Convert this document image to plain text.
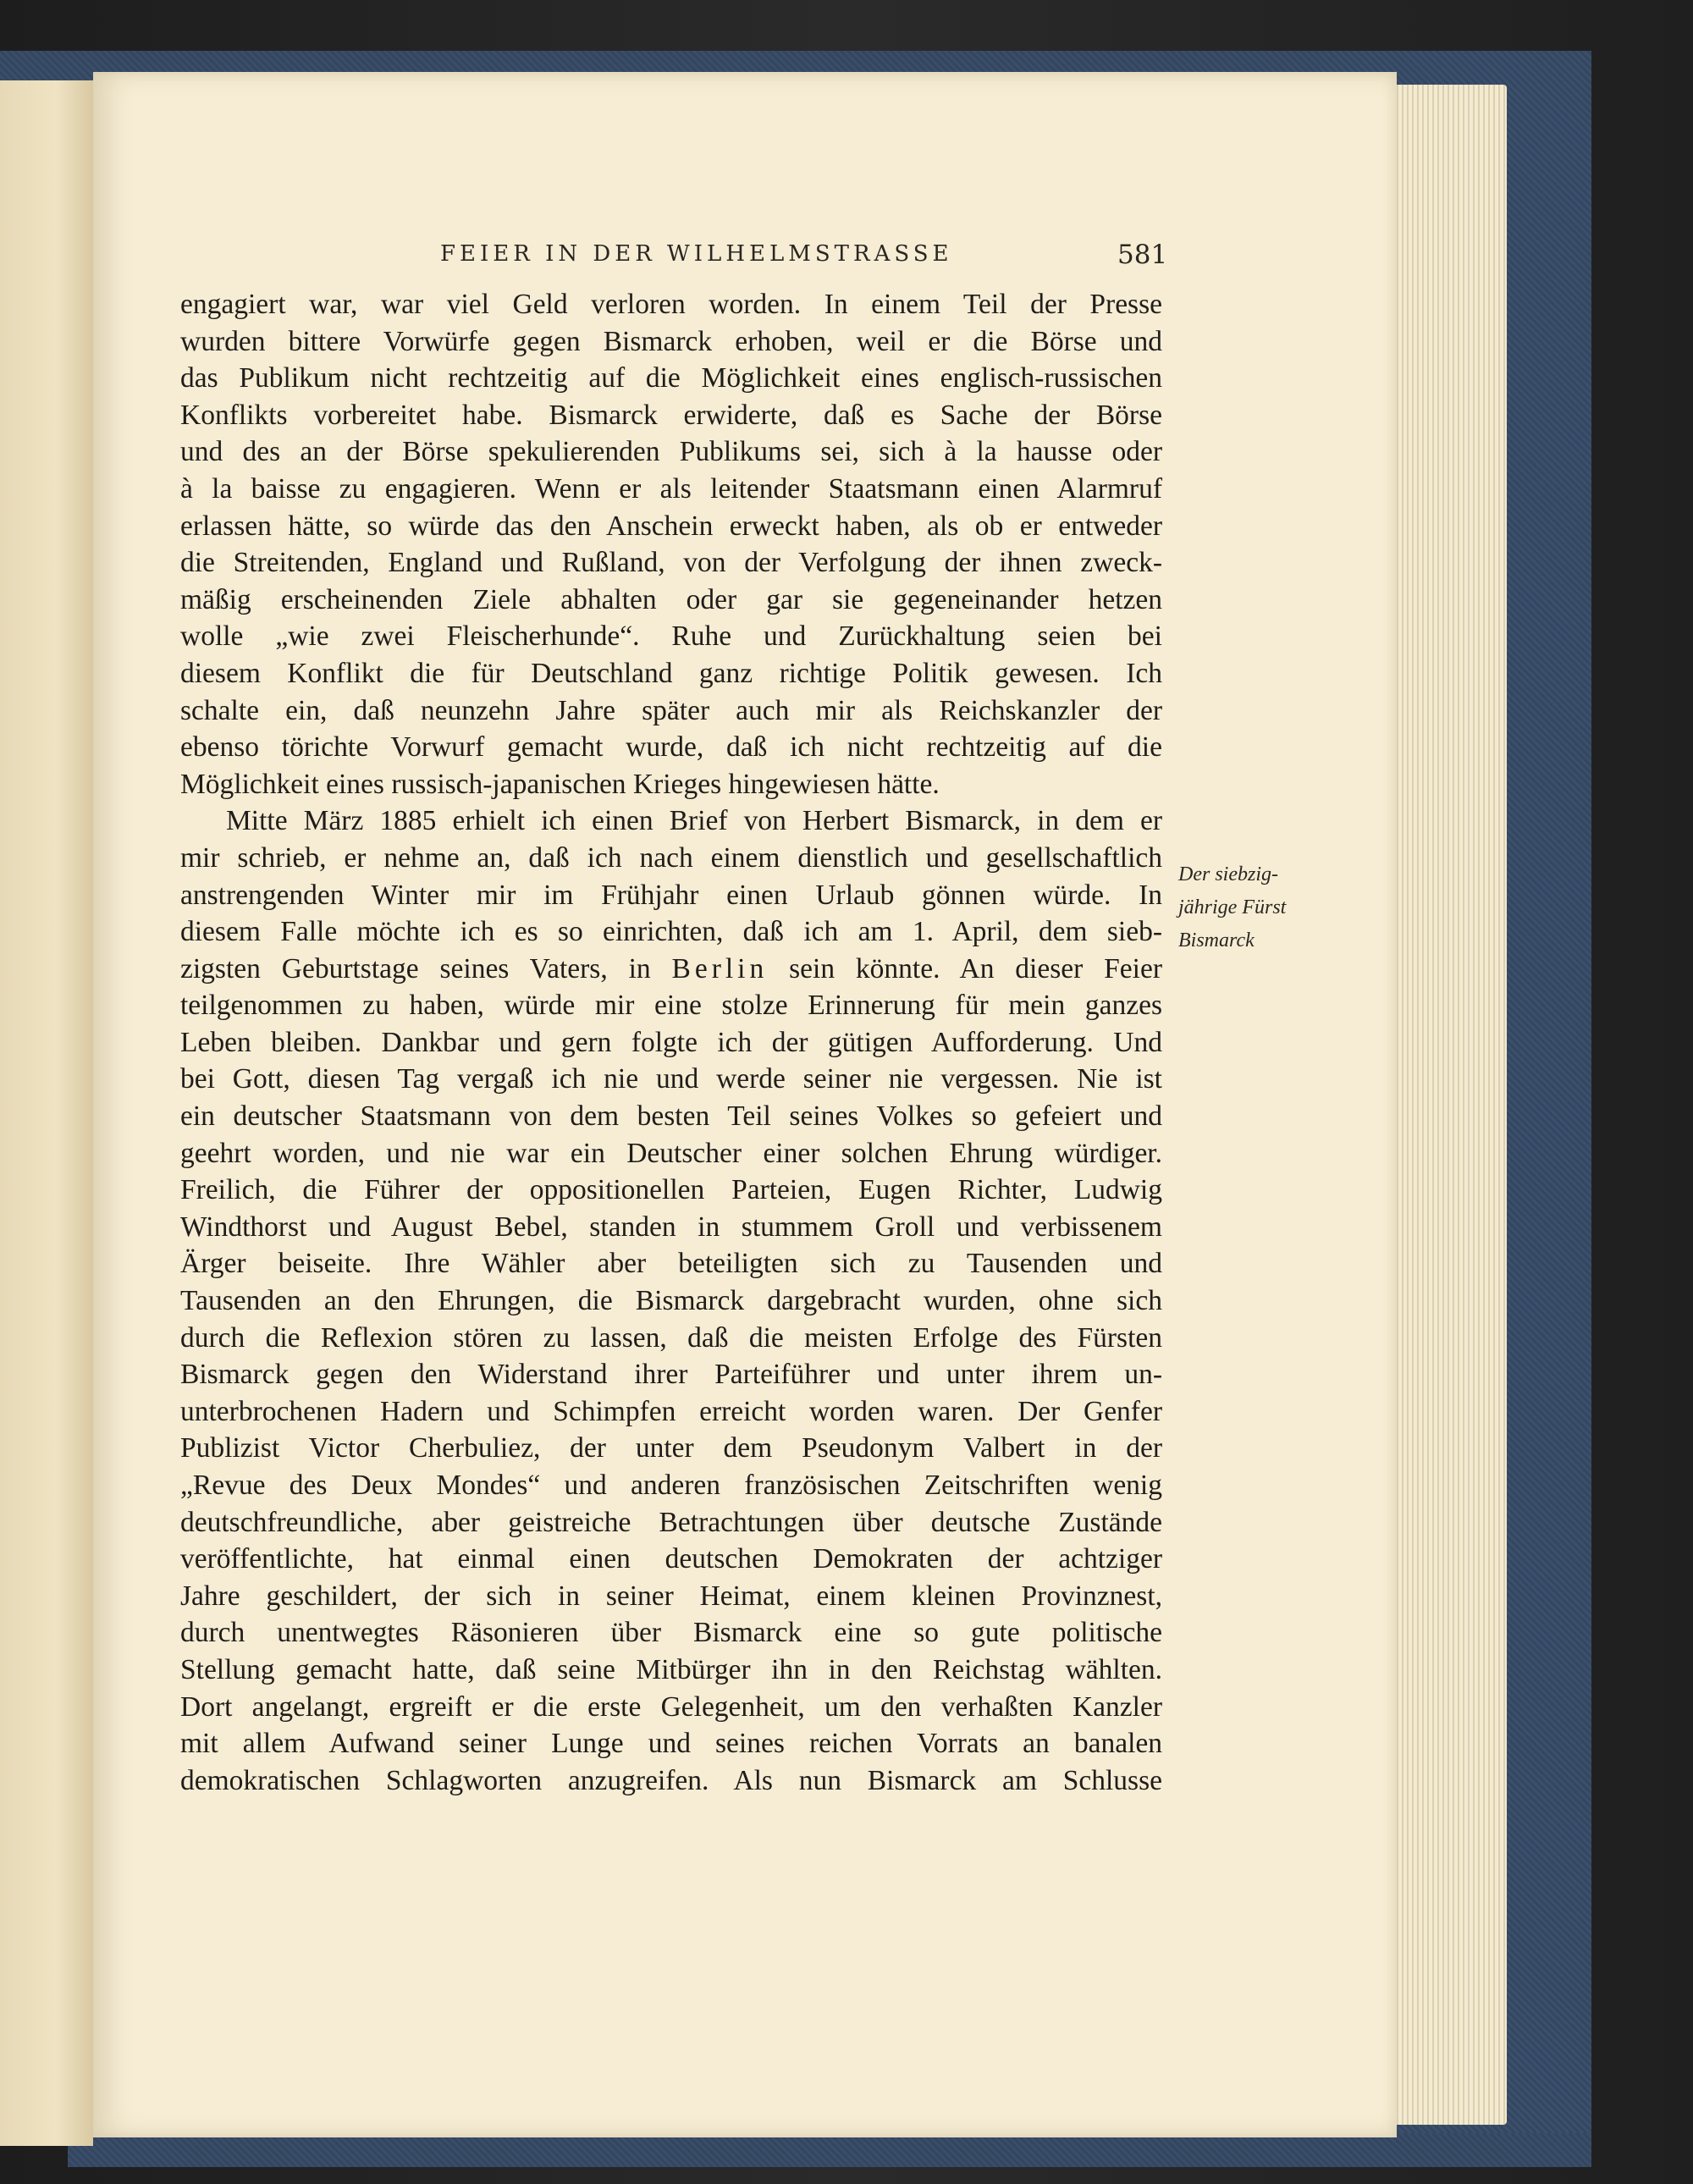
FEIER IN DER WILHELMSTRASSE	581
engagiert war, war viel Geld verloren worden. In einem Teil der Presse
wurden bittere Vorwürfe gegen Bismarck erhoben, weil er die Börse und
das Publikum nicht rechtzeitig auf die Möglichkeit eines englisch-russischen
Konflikts vorbereitet habe. Bismarck erwiderte, daß es Sache der Börse
und des an der Börse spekulierenden Publikums sei, sich à la hausse oder
à la baisse zu engagieren. Wenn er als leitender Staatsmann einen Alarmruf
erlassen hätte, so würde das den Anschein erweckt haben, als ob er entweder
die Streitenden, England und Rußland, von der Verfolgung der ihnen zweck-
mäßig erscheinenden Ziele abhalten oder gar sie gegeneinander hetzen
wolle „wie zwei Fleischerhunde“. Ruhe und Zurückhaltung seien bei
diesem Konflikt die für Deutschland ganz richtige Politik gewesen. Ich
schalte ein, daß neunzehn Jahre später auch mir als Reichskanzler der
ebenso törichte Vorwurf gemacht wurde, daß ich nicht rechtzeitig auf die
Möglichkeit eines russisch-japanischen Krieges hingewiesen hätte.
Mitte März 1885 erhielt ich einen Brief von Herbert Bismarck, in dem er
mir schrieb, er nehme an, daß ich nach einem dienstlich und gesellschaftlich
anstrengenden Winter mir im Frühjahr einen Urlaub gönnen würde. In
diesem Falle möchte ich es so einrichten, daß ich am 1. April, dem sieb-
zigsten Geburtstage seines Vaters, in Berlin sein könnte. An dieser Feier
teilgenommen zu haben, würde mir eine stolze Erinnerung für mein ganzes
Leben bleiben. Dankbar und gern folgte ich der gütigen Aufforderung. Und
bei Gott, diesen Tag vergaß ich nie und werde seiner nie vergessen. Nie ist
ein deutscher Staatsmann von dem besten Teil seines Volkes so gefeiert und
geehrt worden, und nie war ein Deutscher einer solchen Ehrung würdiger.
Freilich, die Führer der oppositionellen Parteien, Eugen Richter, Ludwig
Windthorst und August Bebel, standen in stummem Groll und verbissenem
Ärger beiseite. Ihre Wähler aber beteiligten sich zu Tausenden und
Tausenden an den Ehrungen, die Bismarck dargebracht wurden, ohne sich
durch die Reflexion stören zu lassen, daß die meisten Erfolge des Fürsten
Bismarck gegen den Widerstand ihrer Parteiführer und unter ihrem un-
unterbrochenen Hadern und Schimpfen erreicht worden waren. Der Genfer
Publizist Victor Cherbuliez, der unter dem Pseudonym Valbert in der
„Revue des Deux Mondes“ und anderen französischen Zeitschriften wenig
deutschfreundliche, aber geistreiche Betrachtungen über deutsche Zustände
veröffentlichte, hat einmal einen deutschen Demokraten der achtziger
Jahre geschildert, der sich in seiner Heimat, einem kleinen Provinznest,
durch unentwegtes Räsonieren über Bismarck eine so gute politische
Stellung gemacht hatte, daß seine Mitbürger ihn in den Reichstag wählten.
Dort angelangt, ergreift er die erste Gelegenheit, um den verhaßten Kanzler
mit allem Aufwand seiner Lunge und seines reichen Vorrats an banalen
demokratischen Schlagworten anzugreifen. Als nun Bismarck am Schlusse
Der siebzig-
jährige Fürst
Bismarck
